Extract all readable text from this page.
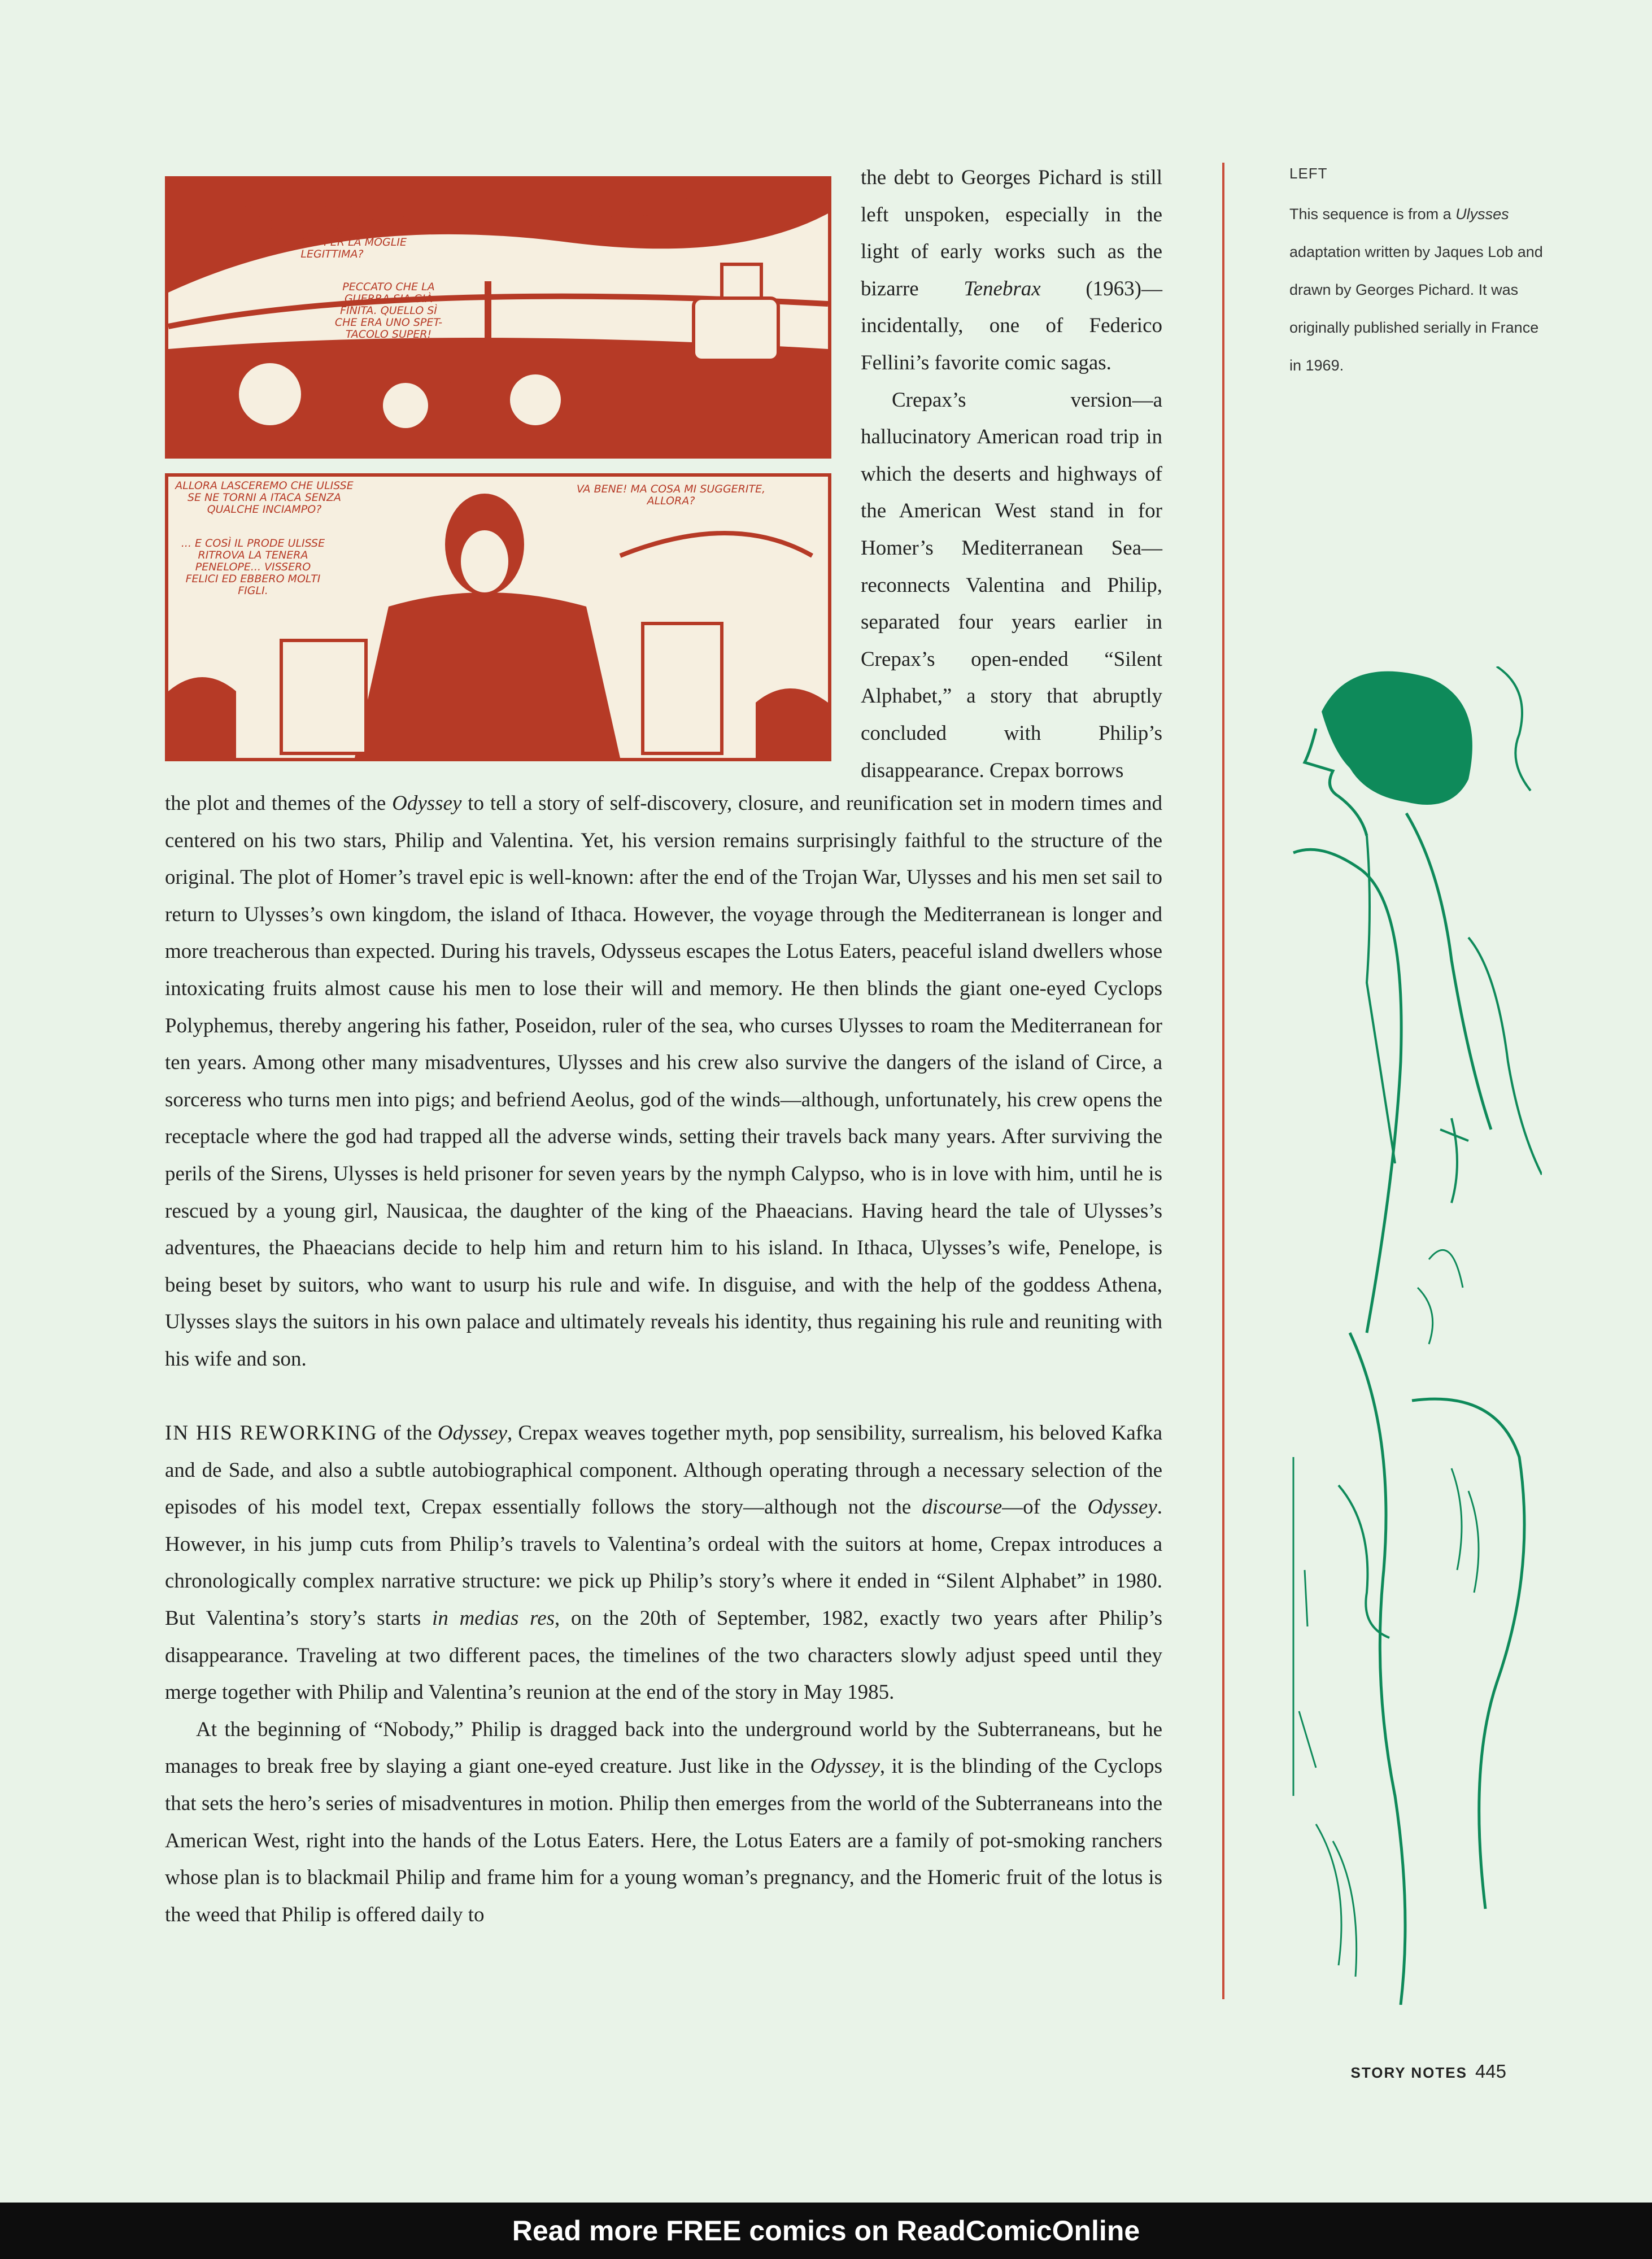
DI QUI ESSI SEGUONO I MORTALI IN DIRETTA PER MEZZO D'UN TELECRONSCOPE.
MA NON HAI PROPRIO NIENTE DI MEGLIO DA FARCI VEDERE, O GIOVE, CHE ULISSE TUTTO SOSPIROSO PER LA MOGLIE LEGITTIMA?
PECCATO CHE LA GUERRA SIA GIÀ FINITA. QUELLO SÌ CHE ERA UNO SPET-TACOLO SUPER!
ALLORA LASCEREMO CHE ULISSE SE NE TORNI A ITACA SENZA QUALCHE INCIAMPO?
... E COSÌ IL PRODE ULISSE RITROVA LA TENERA PENELOPE... VISSERO FELICI ED EBBERO MOLTI FIGLI.
VA BENE! MA COSA MI SUGGERITE, ALLORA?

the debt to Georges Pichard is still left unspoken, especially in the light of early works such as the bizarre Tenebrax (1963)—incidentally, one of Federico Fellini’s favorite comic sagas.

Crepax’s version—a hallucinatory American road trip in which the deserts and highways of the American West stand in for Homer’s Mediterranean Sea—reconnects Valentina and Philip, separated four years earlier in Crepax’s open-ended “Silent Alphabet,” a story that abruptly concluded with Philip’s disappearance. Crepax borrows

the plot and themes of the Odyssey to tell a story of self-discovery, closure, and reunification set in modern times and centered on his two stars, Philip and Valentina. Yet, his version remains surprisingly faithful to the structure of the original. The plot of Homer’s travel epic is well-known: after the end of the Trojan War, Ulysses and his men set sail to return to Ulysses’s own kingdom, the island of Ithaca. However, the voyage through the Mediterranean is longer and more treacherous than expected. During his travels, Odysseus escapes the Lotus Eaters, peaceful island dwellers whose intoxicating fruits almost cause his men to lose their will and memory. He then blinds the giant one-eyed Cyclops Polyphemus, thereby angering his father, Poseidon, ruler of the sea, who curses Ulysses to roam the Mediterranean for ten years. Among other many misadventures, Ulysses and his crew also survive the dangers of the island of Circe, a sorceress who turns men into pigs; and befriend Aeolus, god of the winds—although, unfortunately, his crew opens the receptacle where the god had trapped all the adverse winds, setting their travels back many years. After surviving the perils of the Sirens, Ulysses is held prisoner for seven years by the nymph Calypso, who is in love with him, until he is rescued by a young girl, Nausicaa, the daughter of the king of the Phaeacians. Having heard the tale of Ulysses’s adventures, the Phaeacians decide to help him and return him to his island. In Ithaca, Ulysses’s wife, Penelope, is being beset by suitors, who want to usurp his rule and wife. In disguise, and with the help of the goddess Athena, Ulysses slays the suitors in his own palace and ultimately reveals his identity, thus regaining his rule and reuniting with his wife and son.

IN HIS REWORKING of the Odyssey, Crepax weaves together myth, pop sensibility, surrealism, his beloved Kafka and de Sade, and also a subtle autobiographical component. Although operating through a necessary selection of the episodes of his model text, Crepax essentially follows the story—although not the discourse—of the Odyssey. However, in his jump cuts from Philip’s travels to Valentina’s ordeal with the suitors at home, Crepax introduces a chronologically complex narrative structure: we pick up Philip’s story’s where it ended in “Silent Alphabet” in 1980. But Valentina’s story’s starts in medias res, on the 20th of September, 1982, exactly two years after Philip’s disappearance. Traveling at two different paces, the timelines of the two characters slowly adjust speed until they merge together with Philip and Valentina’s reunion at the end of the story in May 1985.

At the beginning of “Nobody,” Philip is dragged back into the underground world by the Subterraneans, but he manages to break free by slaying a giant one-eyed creature. Just like in the Odyssey, it is the blinding of the Cyclops that sets the hero’s series of misadventures in motion. Philip then emerges from the world of the Subterraneans into the American West, right into the hands of the Lotus Eaters. Here, the Lotus Eaters are a family of pot-smoking ranchers whose plan is to blackmail Philip and frame him for a young woman’s pregnancy, and the Homeric fruit of the lotus is the weed that Philip is offered daily to

LEFT
This sequence is from a Ulysses adaptation written by Jaques Lob and drawn by Georges Pichard. It was originally published serially in France in 1969.
STORY NOTES 445
Read more FREE comics on ReadComicOnline
